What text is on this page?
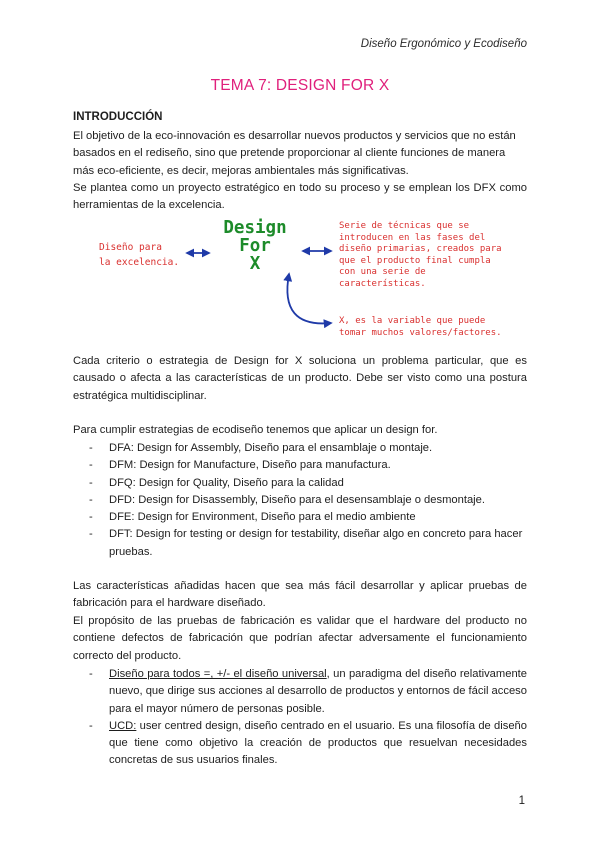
Diseño Ergonómico y Ecodiseño
TEMA 7: DESIGN FOR X
INTRODUCCIÓN

El objetivo de la eco-innovación es desarrollar nuevos productos y servicios que no están basados en el rediseño, sino que pretende proporcionar al cliente funciones de manera más eco-eficiente, es decir, mejoras ambientales más significativas.

Se plantea como un proyecto estratégico en todo su proceso y se emplean los DFX como herramientas de la excelencia.

Diseño para
la excelencia.
Design
For
X
Serie de técnicas que se
introducen en las fases del
diseño primarias, creados para
que el producto final cumpla
con una serie de
características.
X, es la variable que puede
tomar muchos valores/factores.

Cada criterio o estrategia de Design for X soluciona un problema particular, que es causado o afecta a las características de un producto. Debe ser visto como una postura estratégica multidisciplinar.

Para cumplir estrategias de ecodiseño tenemos que aplicar un design for.

- DFA: Design for Assembly, Diseño para el ensamblaje o montaje.
- DFM: Design for Manufacture, Diseño para manufactura.
- DFQ: Design for Quality, Diseño para la calidad
- DFD: Design for Disassembly, Diseño para el desensamblaje o desmontaje.
- DFE: Design for Environment, Diseño para el medio ambiente
- DFT: Design for testing or design for testability, diseñar algo en concreto para hacer pruebas.

Las características añadidas hacen que sea más fácil desarrollar y aplicar pruebas de fabricación para el hardware diseñado.

El propósito de las pruebas de fabricación es validar que el hardware del producto no contiene defectos de fabricación que podrían afectar adversamente el funcionamiento correcto del producto.

- Diseño para todos =, +/- el diseño universal, un paradigma del diseño relativamente nuevo, que dirige sus acciones al desarrollo de productos y entornos de fácil acceso para el mayor número de personas posible.
- UCD: user centred design, diseño centrado en el usuario. Es una filosofía de diseño que tiene como objetivo la creación de productos que resuelvan necesidades concretas de sus usuarios finales.
1
